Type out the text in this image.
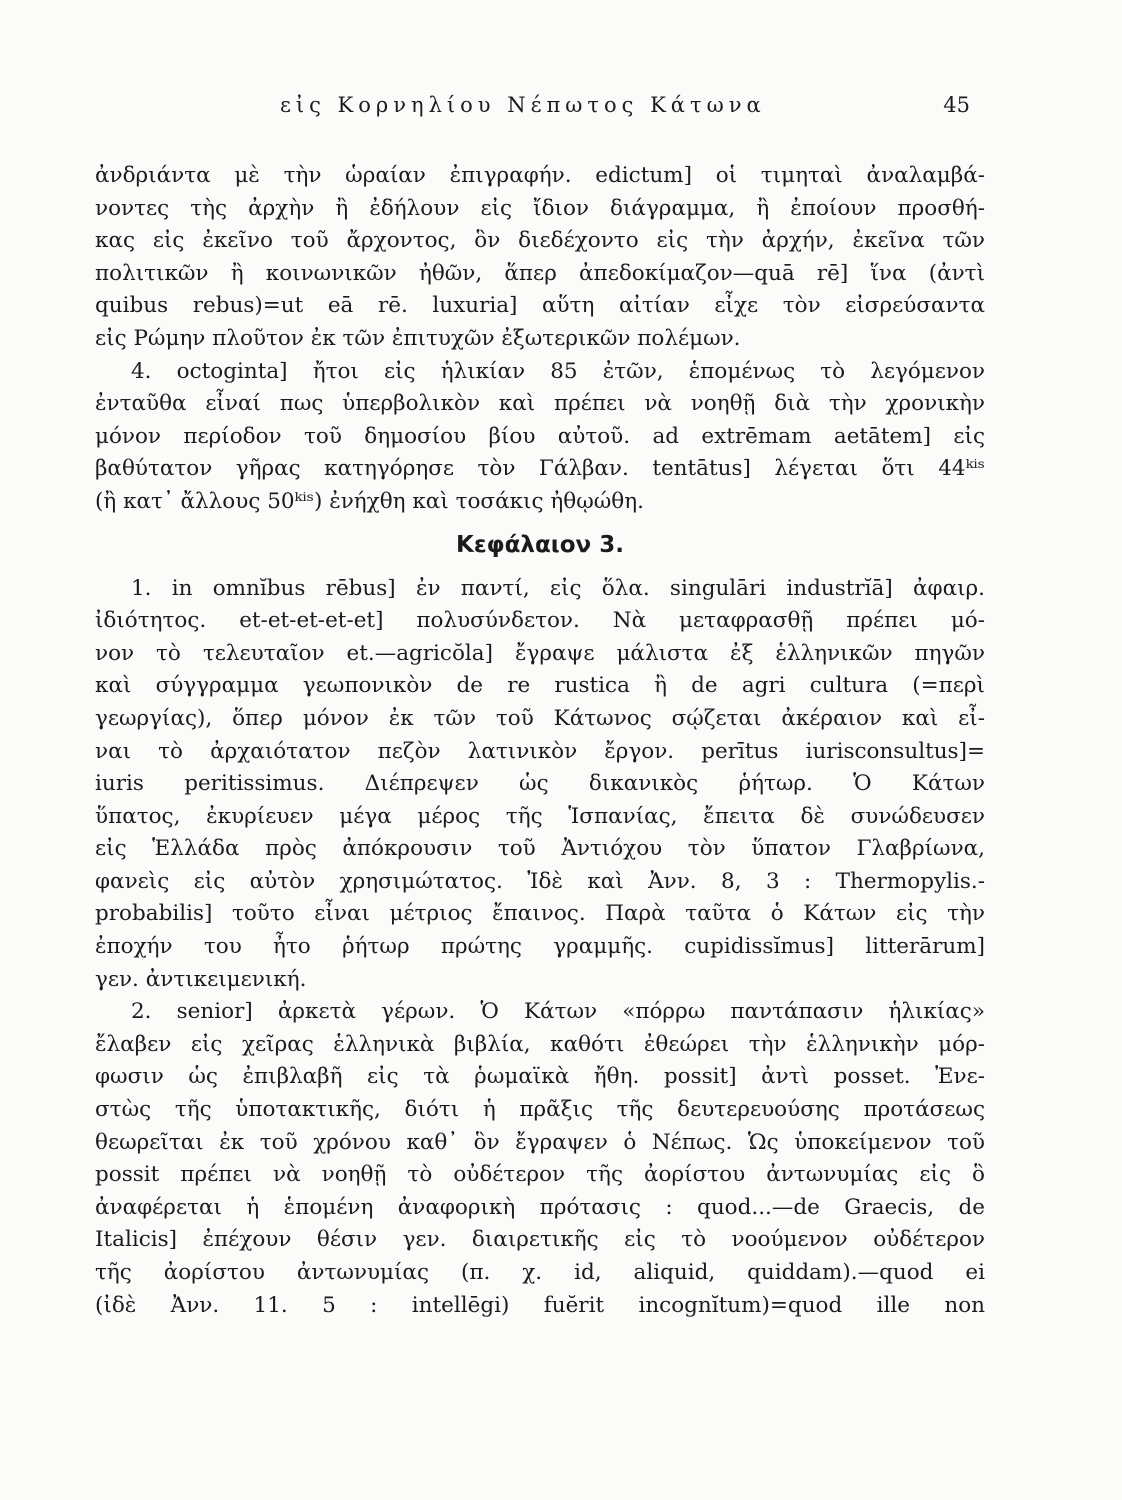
εἰς Κορνηλίου Νέπωτος Κάτωνα	45
ἀνδριάντα μὲ τὴν ὡραίαν ἐπιγραφήν. edictum] οἱ τιμηταὶ ἀναλαμβά-
νοντες τὴς ἀρχὴν ἢ ἐδήλουν εἰς ἴδιον διάγραμμα, ἢ ἐποίουν προσθή-
κας εἰς ἐκεῖνο τοῦ ἄρχοντος, ὃν διεδέχοντο εἰς τὴν ἀρχήν, ἐκεῖνα τῶν
πολιτικῶν ἢ κοινωνικῶν ἠθῶν, ἅπερ ἀπεδοκίμαζον—quā rē] ἵνα (ἀντὶ
quibus rebus)=ut eā rē. luxuria] αὕτη αἰτίαν εἶχε τὸν εἰσρεύσαντα
εἰς Ρώμην πλοῦτον ἐκ τῶν ἐπιτυχῶν ἐξωτερικῶν πολέμων.
4. octoginta] ἤτοι εἰς ἡλικίαν 85 ἐτῶν, ἑπομένως τὸ λεγόμενον
ἐνταῦθα εἶναί πως ὑπερβολικὸν καὶ πρέπει νὰ νοηθῇ διὰ τὴν χρονικὴν
μόνον περίοδον τοῦ δημοσίου βίου αὐτοῦ. ad extrēmam aetātem] εἰς
βαθύτατον γῆρας κατηγόρησε τὸν Γάλβαν. tentātus] λέγεται ὅτι 44ᵏⁱˢ
(ἢ κατ᾿ ἄλλους 50ᵏⁱˢ) ἐνήχθη καὶ τοσάκις ἠθῳώθη.
Κεφάλαιον 3.
1. in omnĭbus rēbus] ἐν παντί, εἰς ὅλα. singulāri industrĭā] ἀφαιρ.
ἰδιότητος. et-et-et-et-et] πολυσύνδετον. Νὰ μεταφρασθῇ πρέπει μό-
νον τὸ τελευταῖον et.—agricŏla] ἔγραψε μάλιστα ἐξ ἑλληνικῶν πηγῶν
καὶ σύγγραμμα γεωπονικὸν de re rustica ἢ de agri cultura (=περὶ
γεωργίας), ὅπερ μόνον ἐκ τῶν τοῦ Κάτωνος σῴζεται ἀκέραιον καὶ εἶ-
ναι τὸ ἀρχαιότατον πεζὸν λατινικὸν ἔργον. perītus iurisconsultus]=
iuris peritissimus. Διέπρεψεν ὡς δικανικὸς ῥήτωρ. Ὁ Κάτων
ὕπατος, ἐκυρίευεν μέγα μέρος τῆς Ἱσπανίας, ἔπειτα δὲ συνώδευσεν
εἰς Ἑλλάδα πρὸς ἀπόκρουσιν τοῦ Ἀντιόχου τὸν ὕπατον Γλαβρίωνα,
φανεὶς εἰς αὐτὸν χρησιμώτατος. Ἰδὲ καὶ Ἀνν. 8, 3 : Thermopylis.-
probabilis] τοῦτο εἶναι μέτριος ἔπαινος. Παρὰ ταῦτα ὁ Κάτων εἰς τὴν
ἐποχήν του ἦτο ῥήτωρ πρώτης γραμμῆς. cupidissĭmus] litterārum]
γεν. ἀντικειμενική.
2. senior] ἀρκετὰ γέρων. Ὁ Κάτων «πόρρω παντάπασιν ἡλικίας»
ἔλαβεν εἰς χεῖρας ἑλληνικὰ βιβλία, καθότι ἐθεώρει τὴν ἑλληνικὴν μόρ-
φωσιν ὡς ἐπιβλαβῆ εἰς τὰ ῥωμαϊκὰ ἤθη. possit] ἀντὶ posset. Ἐνε-
στὼς τῆς ὑποτακτικῆς, διότι ἡ πρᾶξις τῆς δευτερευούσης προτάσεως
θεωρεῖται ἐκ τοῦ χρόνου καθ᾿ ὃν ἔγραψεν ὁ Νέπως. Ὡς ὑποκείμενον τοῦ
possit πρέπει νὰ νοηθῇ τὸ οὐδέτερον τῆς ἀορίστου ἀντωνυμίας εἰς ὃ
ἀναφέρεται ἡ ἑπομένη ἀναφορικὴ πρότασις : quod...—de Graecis, de
Italicis] ἐπέχουν θέσιν γεν. διαιρετικῆς εἰς τὸ νοούμενον οὐδέτερον
τῆς ἀορίστου ἀντωνυμίας (π. χ. id, aliquid, quiddam).—quod ei
(ἰδὲ Ἀνν. 11. 5 : intellēgi) fuĕrit incognĭtum)=quod ille non
